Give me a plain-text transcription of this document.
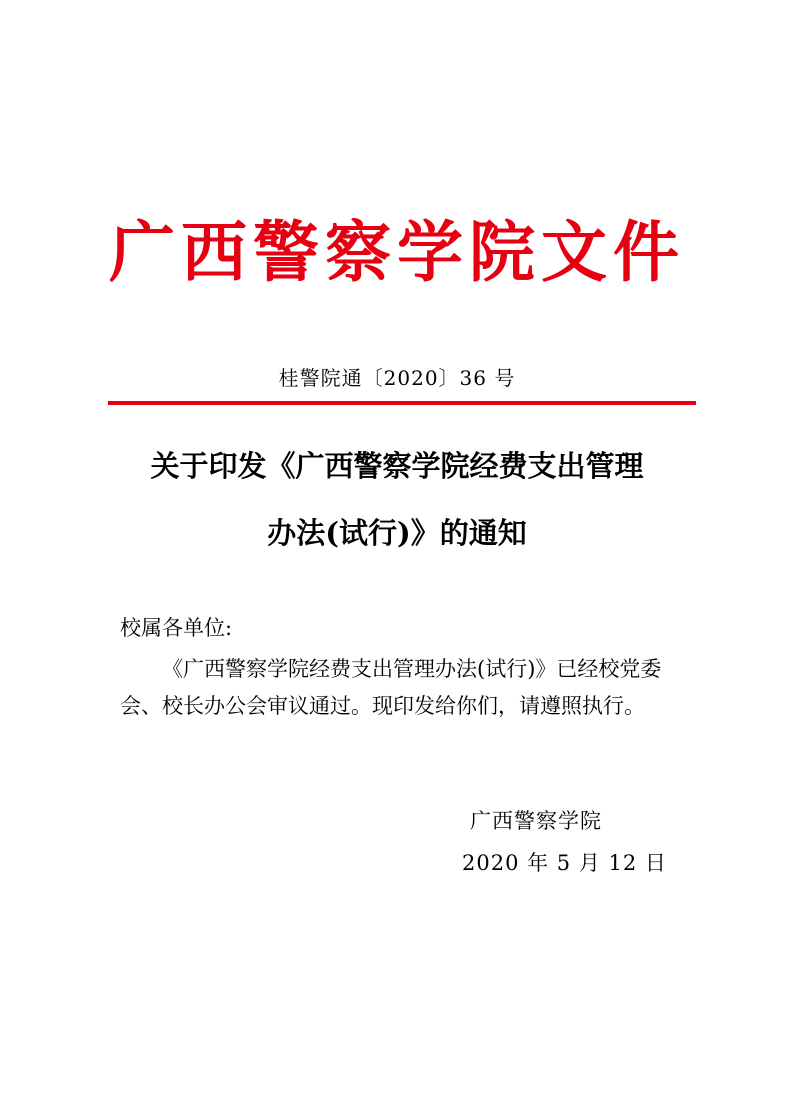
广西警察学院文件
桂警院通〔2020〕36 号
关于印发《广西警察学院经费支出管理
办法(试行)》的通知
校属各单位:
《广西警察学院经费支出管理办法(试行)》已经校党委会、校长办公会审议通过。现印发给你们，请遵照执行。
广西警察学院
2020 年 5 月 12 日
